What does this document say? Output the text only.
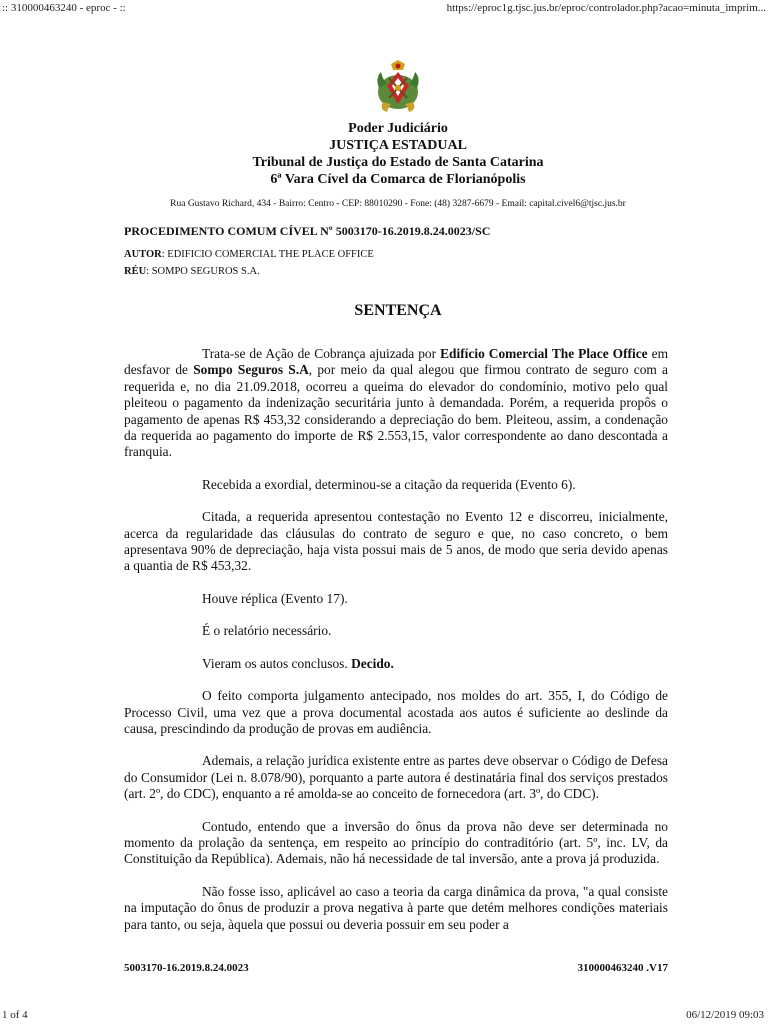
:: 310000463240 - eproc - ::	https://eproc1g.tjsc.jus.br/eproc/controlador.php?acao=minuta_imprim...
Poder Judiciário
JUSTIÇA ESTADUAL
Tribunal de Justiça do Estado de Santa Catarina
6ª Vara Cível da Comarca de Florianópolis
Rua Gustavo Richard, 434 - Bairro: Centro - CEP: 88010290 - Fone: (48) 3287-6679 - Email: capital.civel6@tjsc.jus.br
PROCEDIMENTO COMUM CÍVEL Nº 5003170-16.2019.8.24.0023/SC
AUTOR: EDIFICIO COMERCIAL THE PLACE OFFICE
RÉU: SOMPO SEGUROS S.A.
SENTENÇA

Trata-se de Ação de Cobrança ajuizada por Edifício Comercial The Place Office em desfavor de Sompo Seguros S.A, por meio da qual alegou que firmou contrato de seguro com a requerida e, no dia 21.09.2018, ocorreu a queima do elevador do condomínio, motivo pelo qual pleiteou o pagamento da indenização securitária junto à demandada. Porém, a requerida propôs o pagamento de apenas R$ 453,32 considerando a depreciação do bem. Pleiteou, assim, a condenação da requerida ao pagamento do importe de R$ 2.553,15, valor correspondente ao dano descontada a franquia.

Recebida a exordial, determinou-se a citação da requerida (Evento 6).

Citada, a requerida apresentou contestação no Evento 12 e discorreu, inicialmente, acerca da regularidade das cláusulas do contrato de seguro e que, no caso concreto, o bem apresentava 90% de depreciação, haja vista possui mais de 5 anos, de modo que seria devido apenas a quantia de R$ 453,32.

Houve réplica (Evento 17).

É o relatório necessário.

Vieram os autos conclusos. Decido.

O feito comporta julgamento antecipado, nos moldes do art. 355, I, do Código de Processo Civil, uma vez que a prova documental acostada aos autos é suficiente ao deslinde da causa, prescindindo da produção de provas em audiência.

Ademais, a relação jurídica existente entre as partes deve observar o Código de Defesa do Consumidor (Lei n. 8.078/90), porquanto a parte autora é destinatária final dos serviços prestados (art. 2º, do CDC), enquanto a ré amolda-se ao conceito de fornecedora (art. 3º, do CDC).

Contudo, entendo que a inversão do ônus da prova não deve ser determinada no momento da prolação da sentença, em respeito ao princípio do contraditório (art. 5º, inc. LV, da Constituição da República). Ademais, não há necessidade de tal inversão, ante a prova já produzida.

Não fosse isso, aplicável ao caso a teoria da carga dinâmica da prova, "a qual consiste na imputação do ônus de produzir a prova negativa à parte que detém melhores condições materiais para tanto, ou seja, àquela que possui ou deveria possuir em seu poder a

5003170-16.2019.8.24.0023	310000463240 .V17
1 of 4	06/12/2019 09:03
